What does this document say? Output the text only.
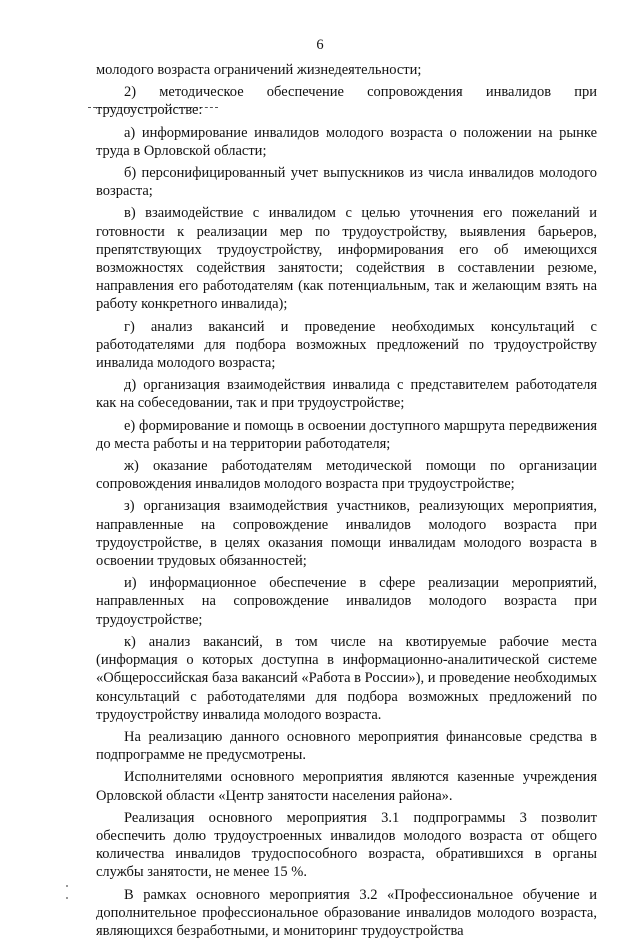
6

молодого возраста ограничений жизнедеятельности;

2) методическое обеспечение сопровождения инвалидов при трудоустройстве:

а) информирование инвалидов молодого возраста о положении на рынке труда в Орловской области;

б) персонифицированный учет выпускников из числа инвалидов молодого возраста;

в) взаимодействие с инвалидом с целью уточнения его пожеланий и готовности к реализации мер по трудоустройству, выявления барьеров, препятствующих трудоустройству, информирования его об имеющихся возможностях содействия занятости; содействия в составлении резюме, направления его работодателям (как потенциальным, так и желающим взять на работу конкретного инвалида);

г) анализ вакансий и проведение необходимых консультаций с работодателями для подбора возможных предложений по трудоустройству инвалида молодого возраста;

д) организация взаимодействия инвалида с представителем работодателя как на собеседовании, так и при трудоустройстве;

е) формирование и помощь в освоении доступного маршрута передвижения до места работы и на территории работодателя;

ж) оказание работодателям методической помощи по организации сопровождения инвалидов молодого возраста при трудоустройстве;

з) организация взаимодействия участников, реализующих мероприятия, направленные на сопровождение инвалидов молодого возраста при трудоустройстве, в целях оказания помощи инвалидам молодого возраста в освоении трудовых обязанностей;

и) информационное обеспечение в сфере реализации мероприятий, направленных на сопровождение инвалидов молодого возраста при трудоустройстве;

к) анализ вакансий, в том числе на квотируемые рабочие места (информация о которых доступна в информационно-аналитической системе «Общероссийская база вакансий «Работа в России»), и проведение необходимых консультаций с работодателями для подбора возможных предложений по трудоустройству инвалида молодого возраста.

На реализацию данного основного мероприятия финансовые средства в подпрограмме не предусмотрены.

Исполнителями основного мероприятия являются казенные учреждения Орловской области «Центр занятости населения района».

Реализация основного мероприятия 3.1 подпрограммы 3 позволит обеспечить долю трудоустроенных инвалидов молодого возраста от общего количества инвалидов трудоспособного возраста, обратившихся в органы службы занятости, не менее 15 %.

В рамках основного мероприятия 3.2 «Профессиональное обучение и дополнительное профессиональное образование инвалидов молодого возраста, являющихся безработными, и мониторинг трудоустройства
